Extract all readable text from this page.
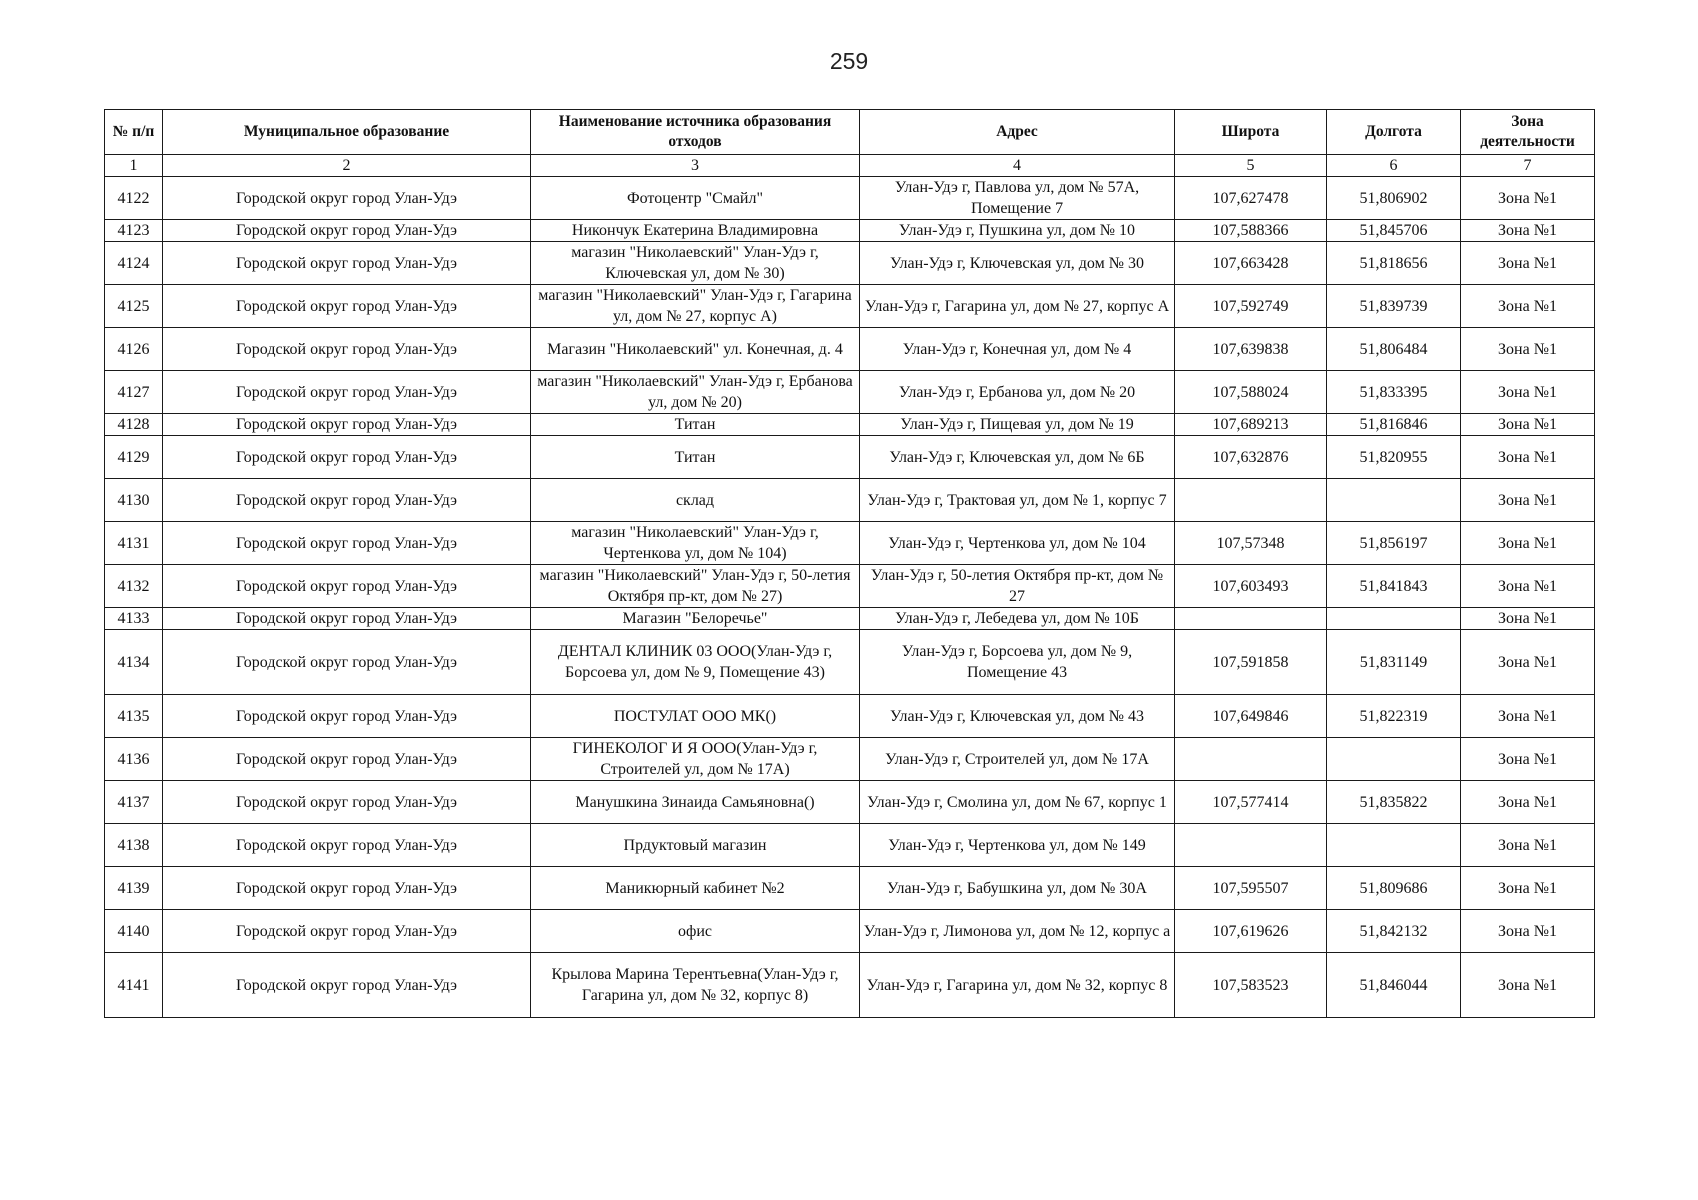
259
№ п/п	Муниципальное образование	Наименование источника образования отходов	Адрес	Широта	Долгота	Зона деятельности
1	2	3	4	5	6	7
4122	Городской округ город Улан-Удэ	Фотоцентр "Смайл"	Улан-Удэ г, Павлова ул, дом № 57А, Помещение 7	107,627478	51,806902	Зона №1
4123	Городской округ город Улан-Удэ	Никончук Екатерина Владимировна	Улан-Удэ г, Пушкина ул, дом № 10	107,588366	51,845706	Зона №1
4124	Городской округ город Улан-Удэ	магазин "Николаевский" Улан-Удэ г, Ключевская ул, дом № 30)	Улан-Удэ г, Ключевская ул, дом № 30	107,663428	51,818656	Зона №1
4125	Городской округ город Улан-Удэ	магазин "Николаевский" Улан-Удэ г, Гагарина ул, дом № 27, корпус А)	Улан-Удэ г, Гагарина ул, дом № 27, корпус А	107,592749	51,839739	Зона №1
4126	Городской округ город Улан-Удэ	Магазин "Николаевский" ул. Конечная, д. 4	Улан-Удэ г, Конечная ул, дом № 4	107,639838	51,806484	Зона №1
4127	Городской округ город Улан-Удэ	магазин "Николаевский" Улан-Удэ г, Ербанова ул, дом № 20)	Улан-Удэ г, Ербанова ул, дом № 20	107,588024	51,833395	Зона №1
4128	Городской округ город Улан-Удэ	Титан	Улан-Удэ г, Пищевая ул, дом № 19	107,689213	51,816846	Зона №1
4129	Городской округ город Улан-Удэ	Титан	Улан-Удэ г, Ключевская ул, дом № 6Б	107,632876	51,820955	Зона №1
4130	Городской округ город Улан-Удэ	склад	Улан-Удэ г, Трактовая ул, дом № 1, корпус 7			Зона №1
4131	Городской округ город Улан-Удэ	магазин "Николаевский" Улан-Удэ г, Чертенкова ул, дом № 104)	Улан-Удэ г, Чертенкова ул, дом № 104	107,57348	51,856197	Зона №1
4132	Городской округ город Улан-Удэ	магазин "Николаевский" Улан-Удэ г, 50-летия Октября пр-кт, дом № 27)	Улан-Удэ г, 50-летия Октября пр-кт, дом № 27	107,603493	51,841843	Зона №1
4133	Городской округ город Улан-Удэ	Магазин "Белоречье"	Улан-Удэ г, Лебедева ул, дом № 10Б			Зона №1
4134	Городской округ город Улан-Удэ	ДЕНТАЛ КЛИНИК 03 ООО(Улан-Удэ г, Борсоева ул, дом № 9, Помещение 43)	Улан-Удэ г, Борсоева ул, дом № 9, Помещение 43	107,591858	51,831149	Зона №1
4135	Городской округ город Улан-Удэ	ПОСТУЛАТ ООО МК()	Улан-Удэ г, Ключевская ул, дом № 43	107,649846	51,822319	Зона №1
4136	Городской округ город Улан-Удэ	ГИНЕКОЛОГ И Я ООО(Улан-Удэ г, Строителей ул, дом № 17А)	Улан-Удэ г, Строителей ул, дом № 17А			Зона №1
4137	Городской округ город Улан-Удэ	Манушкина Зинаида Самьяновна()	Улан-Удэ г, Смолина ул, дом № 67, корпус 1	107,577414	51,835822	Зона №1
4138	Городской округ город Улан-Удэ	Прдуктовый магазин	Улан-Удэ г, Чертенкова ул, дом № 149			Зона №1
4139	Городской округ город Улан-Удэ	Маникюрный кабинет №2	Улан-Удэ г, Бабушкина ул, дом № 30А	107,595507	51,809686	Зона №1
4140	Городской округ город Улан-Удэ	офис	Улан-Удэ г, Лимонова ул, дом № 12, корпус а	107,619626	51,842132	Зона №1
4141	Городской округ город Улан-Удэ	Крылова Марина Терентьевна(Улан-Удэ г, Гагарина ул, дом № 32, корпус 8)	Улан-Удэ г, Гагарина ул, дом № 32, корпус 8	107,583523	51,846044	Зона №1
